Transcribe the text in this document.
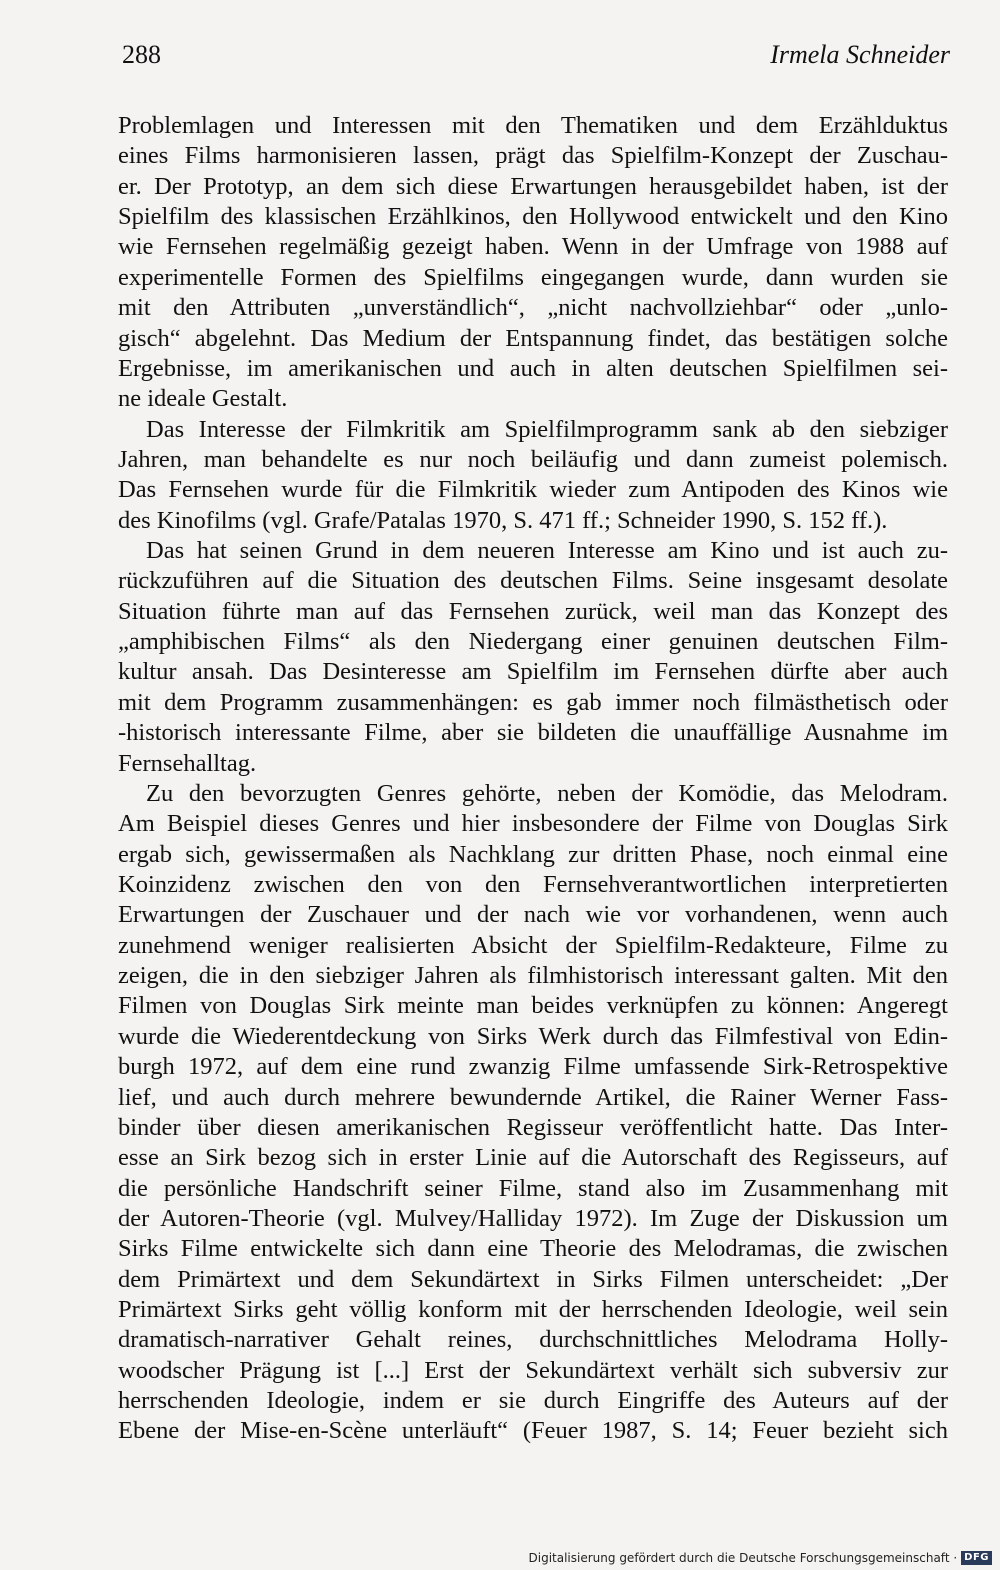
288	Irmela Schneider
Problemlagen und Interessen mit den Thematiken und dem Erzählduktus
eines Films harmonisieren lassen, prägt das Spielfilm-Konzept der Zuschau-
er. Der Prototyp, an dem sich diese Erwartungen herausgebildet haben, ist der
Spielfilm des klassischen Erzählkinos, den Hollywood entwickelt und den Kino
wie Fernsehen regelmäßig gezeigt haben. Wenn in der Umfrage von 1988 auf
experimentelle Formen des Spielfilms eingegangen wurde, dann wurden sie
mit den Attributen „unverständlich“, „nicht nachvollziehbar“ oder „unlo-
gisch“ abgelehnt. Das Medium der Entspannung findet, das bestätigen solche
Ergebnisse, im amerikanischen und auch in alten deutschen Spielfilmen sei-
ne ideale Gestalt.
Das Interesse der Filmkritik am Spielfilmprogramm sank ab den siebziger
Jahren, man behandelte es nur noch beiläufig und dann zumeist polemisch.
Das Fernsehen wurde für die Filmkritik wieder zum Antipoden des Kinos wie
des Kinofilms (vgl. Grafe/Patalas 1970, S. 471 ff.; Schneider 1990, S. 152 ff.).
Das hat seinen Grund in dem neueren Interesse am Kino und ist auch zu-
rückzuführen auf die Situation des deutschen Films. Seine insgesamt desolate
Situation führte man auf das Fernsehen zurück, weil man das Konzept des
„amphibischen Films“ als den Niedergang einer genuinen deutschen Film-
kultur ansah. Das Desinteresse am Spielfilm im Fernsehen dürfte aber auch
mit dem Programm zusammenhängen: es gab immer noch filmästhetisch oder
-historisch interessante Filme, aber sie bildeten die unauffällige Ausnahme im
Fernsehalltag.
Zu den bevorzugten Genres gehörte, neben der Komödie, das Melodram.
Am Beispiel dieses Genres und hier insbesondere der Filme von Douglas Sirk
ergab sich, gewissermaßen als Nachklang zur dritten Phase, noch einmal eine
Koinzidenz zwischen den von den Fernsehverantwortlichen interpretierten
Erwartungen der Zuschauer und der nach wie vor vorhandenen, wenn auch
zunehmend weniger realisierten Absicht der Spielfilm-Redakteure, Filme zu
zeigen, die in den siebziger Jahren als filmhistorisch interessant galten. Mit den
Filmen von Douglas Sirk meinte man beides verknüpfen zu können: Angeregt
wurde die Wiederentdeckung von Sirks Werk durch das Filmfestival von Edin-
burgh 1972, auf dem eine rund zwanzig Filme umfassende Sirk-Retrospektive
lief, und auch durch mehrere bewundernde Artikel, die Rainer Werner Fass-
binder über diesen amerikanischen Regisseur veröffentlicht hatte. Das Inter-
esse an Sirk bezog sich in erster Linie auf die Autorschaft des Regisseurs, auf
die persönliche Handschrift seiner Filme, stand also im Zusammenhang mit
der Autoren-Theorie (vgl. Mulvey/Halliday 1972). Im Zuge der Diskussion um
Sirks Filme entwickelte sich dann eine Theorie des Melodramas, die zwischen
dem Primärtext und dem Sekundärtext in Sirks Filmen unterscheidet: „Der
Primärtext Sirks geht völlig konform mit der herrschenden Ideologie, weil sein
dramatisch-narrativer Gehalt reines, durchschnittliches Melodrama Holly-
woodscher Prägung ist [...] Erst der Sekundärtext verhält sich subversiv zur
herrschenden Ideologie, indem er sie durch Eingriffe des Auteurs auf der
Ebene der Mise-en-Scène unterläuft“ (Feuer 1987, S. 14; Feuer bezieht sich
Digitalisierung gefördert durch die Deutsche Forschungsgemeinschaft · DFG
